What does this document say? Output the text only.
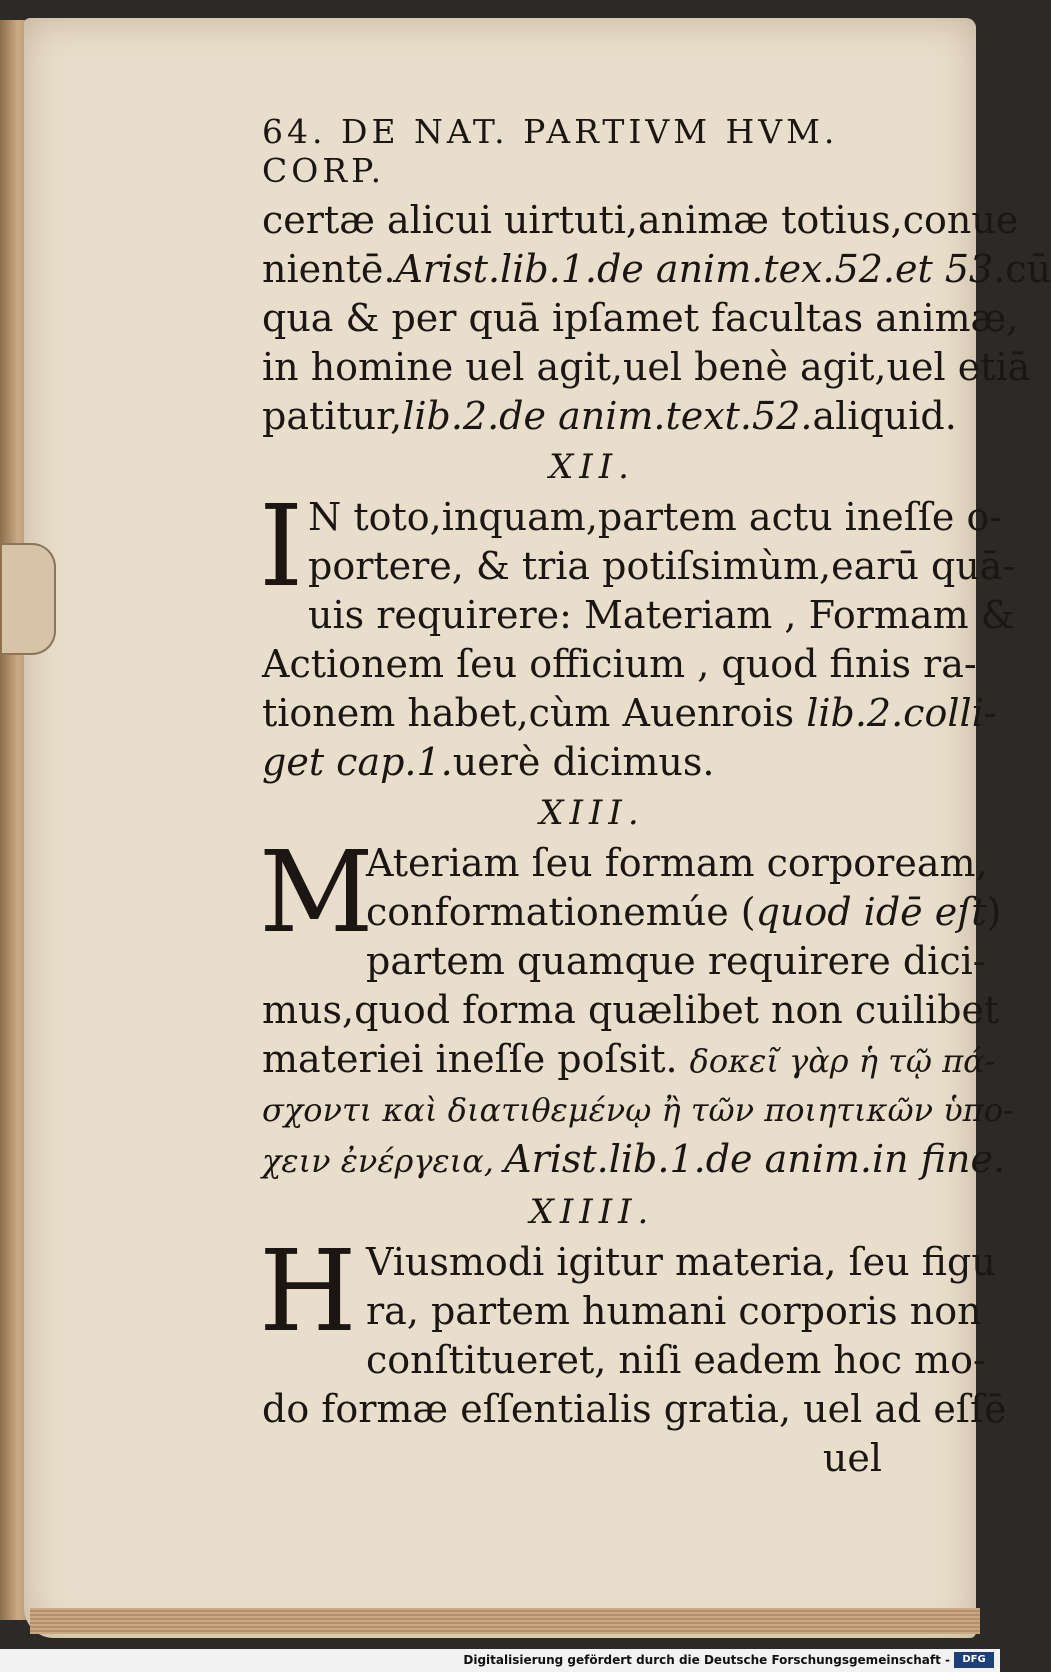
64. DE NAT. PARTIVM HVM. CORP.
certæ alicui uirtuti,animæ totius,conue
nientē.Arist.lib.1.de anim.tex.52.et 53.cū
qua & per quā ipſamet facultas animæ,
in homine uel agit,uel benè agit,uel etiā
patitur,lib.2.de anim.text.52.aliquid.
XII.
I N toto,inquam,partem actu ineſſe o-
portere, & tria potiſsimùm,earū quā-
uis requirere: Materiam , Formam &
Actionem ſeu officium , quod finis ra-
tionem habet,cùm Auenrois lib.2.colli-
get cap.1.uerè dicimus.
XIII.
M
Ateriam ſeu formam corpoream,
conformationemúe (quod idē eſt)
partem quamque requirere dici-
mus,quod forma quælibet non cuilibet
materiei ineſſe poſsit. δοκεῖ γὰρ ἡ τῷ πά-
σχοντι καὶ διατιθεμένῳ ἢ τῶν ποιητικῶν ὑπο-
χειν ἐνέργεια, Arist.lib.1.de anim.in fine.
XIIII.
H Viusmodi igitur materia, ſeu figu
ra, partem humani corporis non
conſtitueret, niſi eadem hoc mo-
do formæ eſſentialis gratia, uel ad eſſē
uel
Digitalisierung gefördert durch die Deutsche Forschungsgemeinschaft -	DFG
